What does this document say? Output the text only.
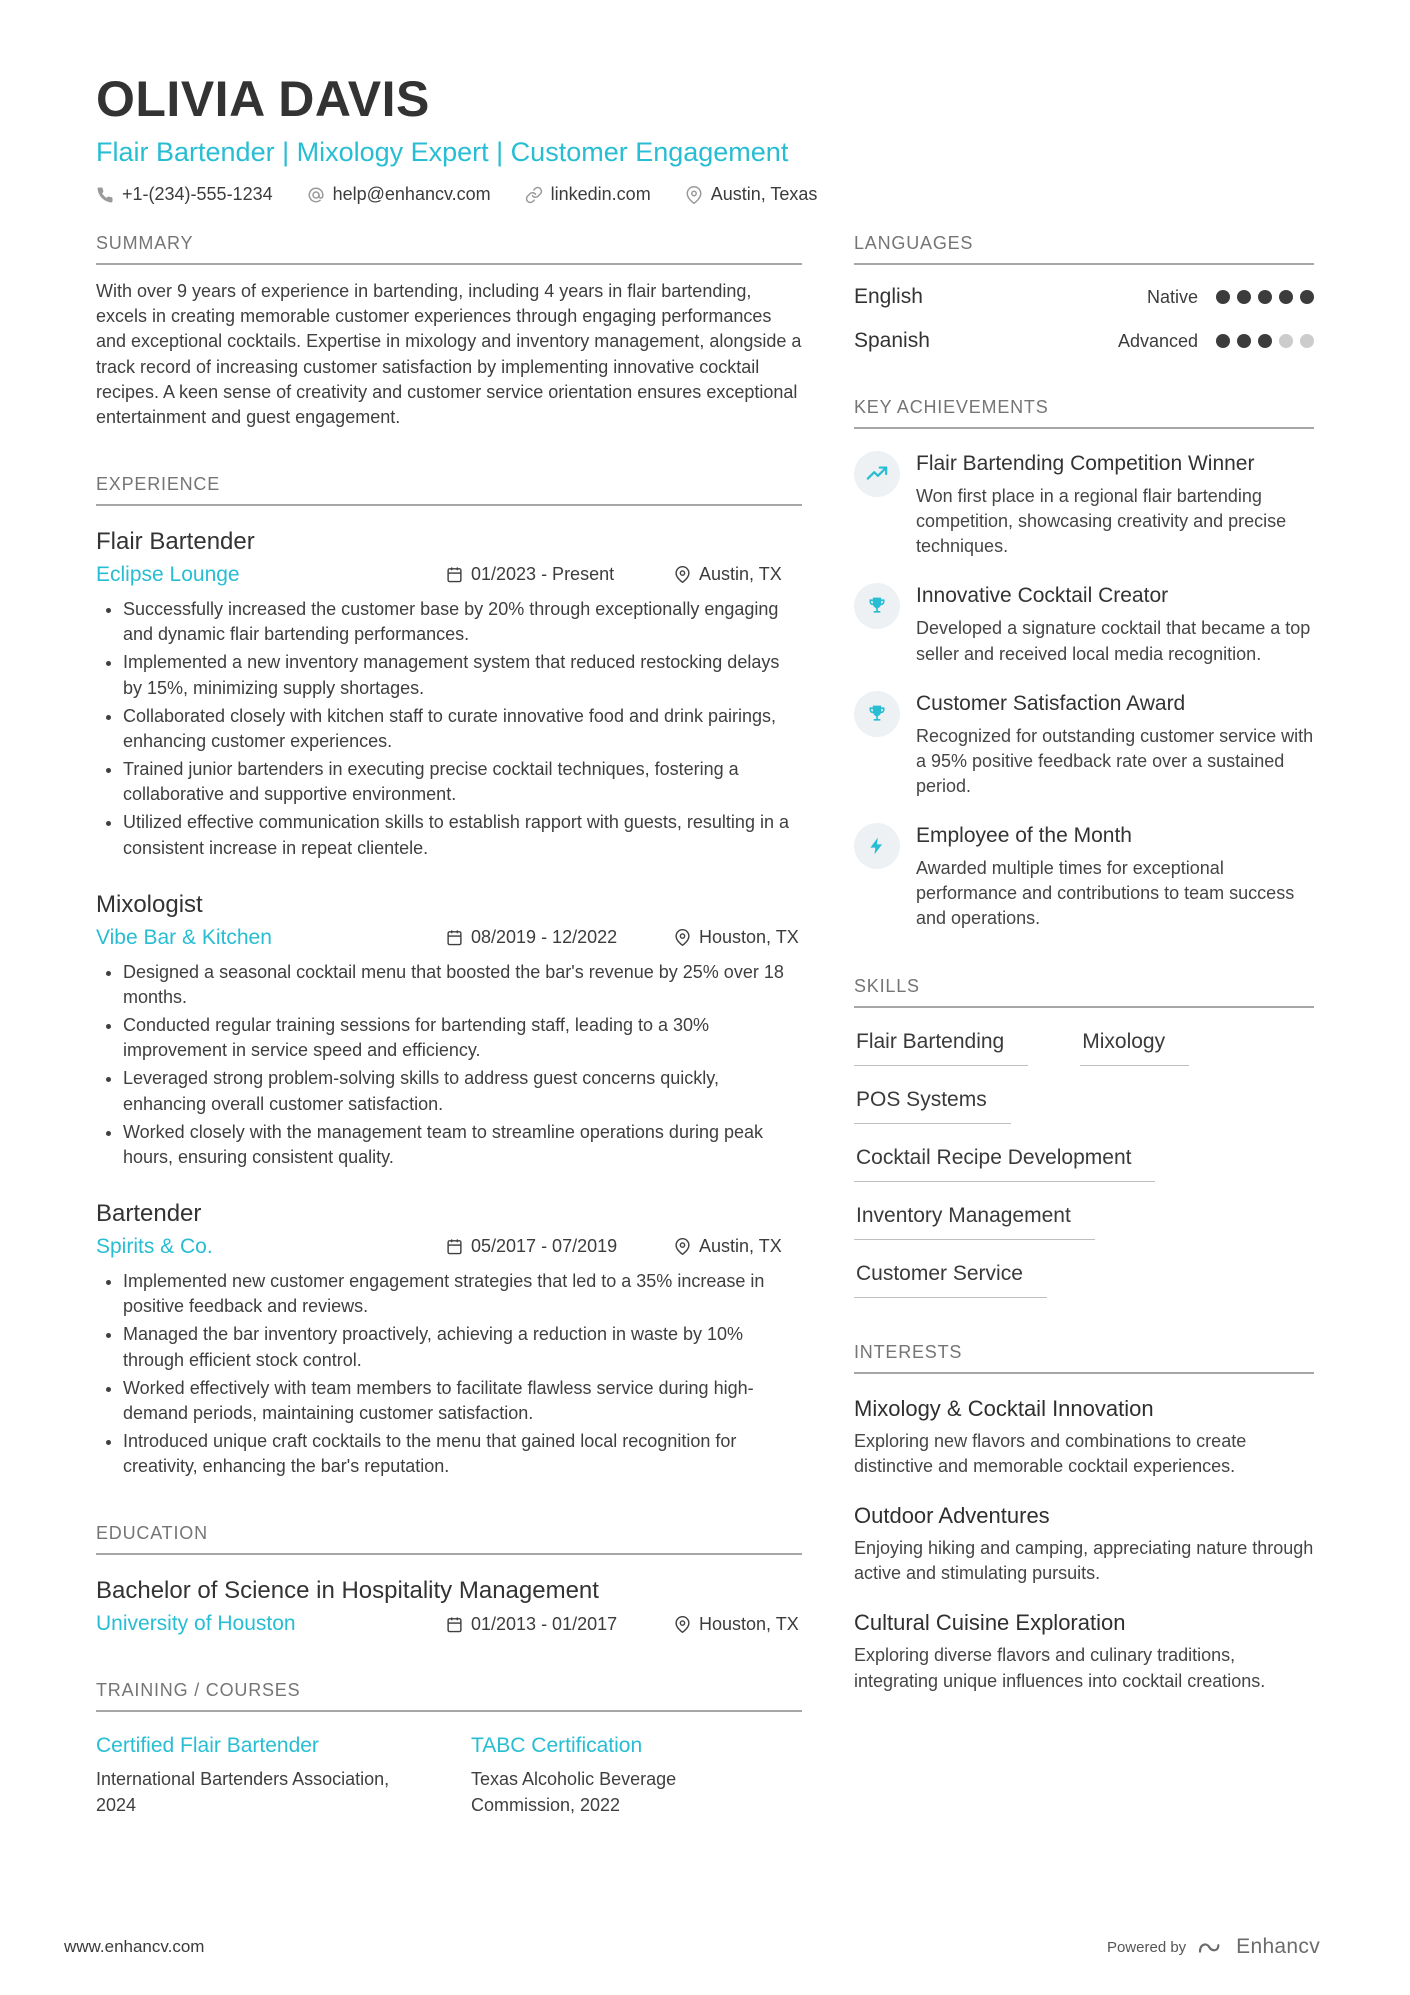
OLIVIA DAVIS
Flair Bartender | Mixology Expert | Customer Engagement
+1-(234)-555-1234	help@enhancv.com	linkedin.com	Austin, Texas
SUMMARY

With over 9 years of experience in bartending, including 4 years in flair bartending, excels in creating memorable customer experiences through engaging performances and exceptional cocktails. Expertise in mixology and inventory management, alongside a track record of increasing customer satisfaction by implementing innovative cocktail recipes. A keen sense of creativity and customer service orientation ensures exceptional entertainment and guest engagement.

EXPERIENCE
Flair Bartender
Eclipse Lounge	01/2023 - Present	Austin, TX
• Successfully increased the customer base by 20% through exceptionally engaging and dynamic flair bartending performances.
• Implemented a new inventory management system that reduced restocking delays by 15%, minimizing supply shortages.
• Collaborated closely with kitchen staff to curate innovative food and drink pairings, enhancing customer experiences.
• Trained junior bartenders in executing precise cocktail techniques, fostering a collaborative and supportive environment.
• Utilized effective communication skills to establish rapport with guests, resulting in a consistent increase in repeat clientele.
Mixologist
Vibe Bar & Kitchen	08/2019 - 12/2022	Houston, TX
• Designed a seasonal cocktail menu that boosted the bar's revenue by 25% over 18 months.
• Conducted regular training sessions for bartending staff, leading to a 30% improvement in service speed and efficiency.
• Leveraged strong problem-solving skills to address guest concerns quickly, enhancing overall customer satisfaction.
• Worked closely with the management team to streamline operations during peak hours, ensuring consistent quality.
Bartender
Spirits & Co.	05/2017 - 07/2019	Austin, TX
• Implemented new customer engagement strategies that led to a 35% increase in positive feedback and reviews.
• Managed the bar inventory proactively, achieving a reduction in waste by 10% through efficient stock control.
• Worked effectively with team members to facilitate flawless service during high-demand periods, maintaining customer satisfaction.
• Introduced unique craft cocktails to the menu that gained local recognition for creativity, enhancing the bar's reputation.
EDUCATION
Bachelor of Science in Hospitality Management
University of Houston	01/2013 - 01/2017	Houston, TX
TRAINING / COURSES
Certified Flair Bartender
International Bartenders Association, 2024
TABC Certification
Texas Alcoholic Beverage Commission, 2022
LANGUAGES
English	Native
Spanish	Advanced
KEY ACHIEVEMENTS
Flair Bartending Competition Winner

Won first place in a regional flair bartending competition, showcasing creativity and precise techniques.

Innovative Cocktail Creator

Developed a signature cocktail that became a top seller and received local media recognition.

Customer Satisfaction Award

Recognized for outstanding customer service with a 95% positive feedback rate over a sustained period.

Employee of the Month

Awarded multiple times for exceptional performance and contributions to team success and operations.

SKILLS
Flair Bartending	Mixology
POS Systems
Cocktail Recipe Development
Inventory Management
Customer Service
INTERESTS
Mixology & Cocktail Innovation

Exploring new flavors and combinations to create distinctive and memorable cocktail experiences.

Outdoor Adventures

Enjoying hiking and camping, appreciating nature through active and stimulating pursuits.

Cultural Cuisine Exploration

Exploring diverse flavors and culinary traditions, integrating unique influences into cocktail creations.

www.enhancv.com	Powered by Enhancv
